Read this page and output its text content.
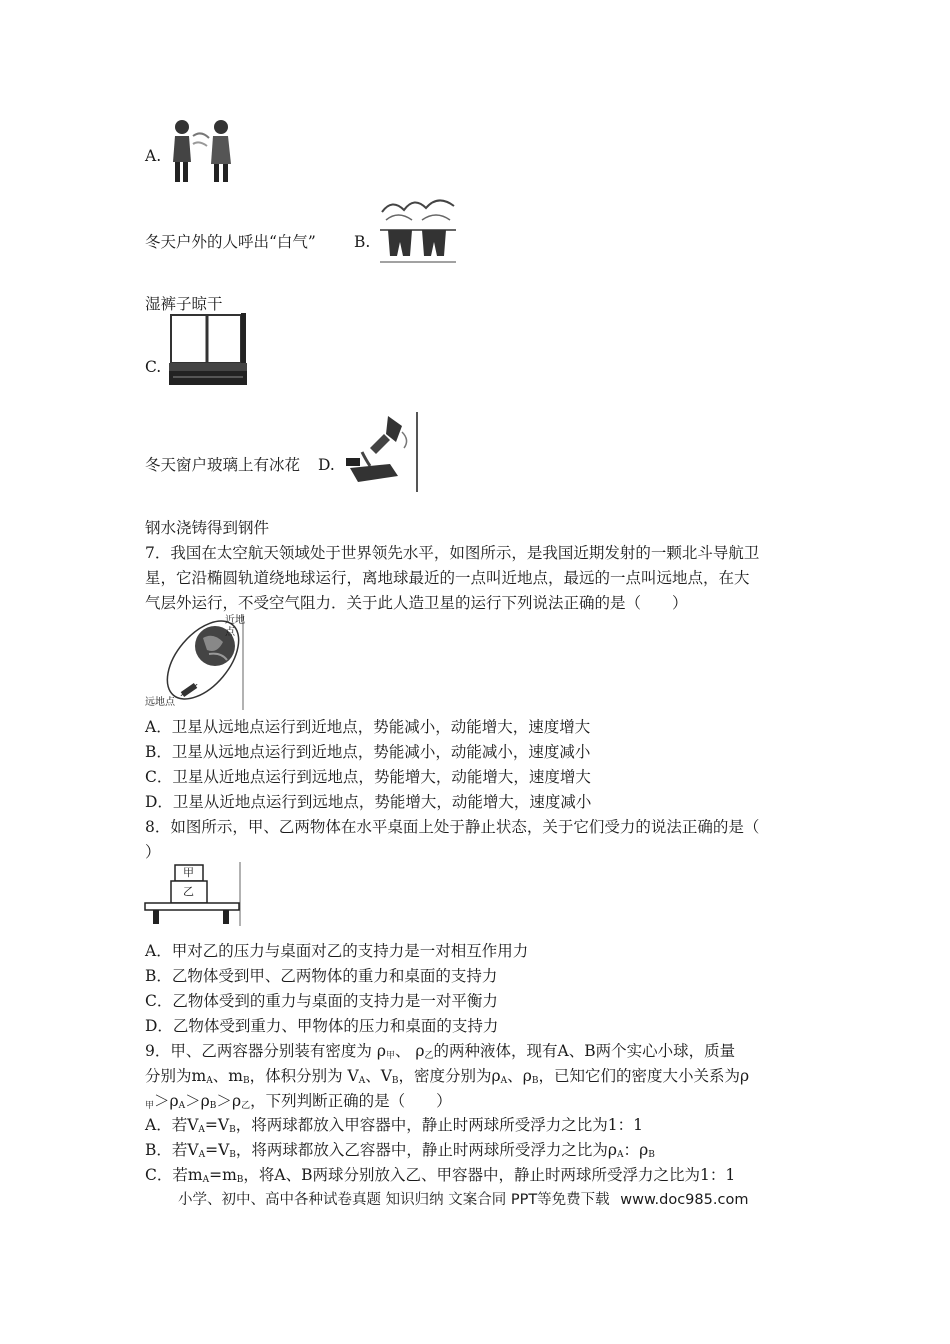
A.
冬天户外的人呼出“白气” B.
湿裤子晾干
C.
冬天窗户玻璃上有冰花 D.
钢水浇铸得到钢件
7．我国在太空航天领域处于世界领先水平，如图所示，是我国近期发射的一颗北斗导航卫
星，它沿椭圆轨道绕地球运行，离地球最近的一点叫近地点，最远的一点叫远地点，在大
气层外运行，不受空气阻力．关于此人造卫星的运行下列说法正确的是（　　）
近地点
远地点
A．卫星从远地点运行到近地点，势能减小，动能增大，速度增大
B．卫星从远地点运行到近地点，势能减小，动能减小，速度减小
C．卫星从近地点运行到远地点，势能增大，动能增大，速度增大
D．卫星从近地点运行到远地点，势能增大，动能增大，速度减小
8．如图所示，甲、乙两物体在水平桌面上处于静止状态，关于它们受力的说法正确的是（
）
甲
乙
A．甲对乙的压力与桌面对乙的支持力是一对相互作用力
B．乙物体受到甲、乙两物体的重力和桌面的支持力
C．乙物体受到的重力与桌面的支持力是一对平衡力
D．乙物体受到重力、甲物体的压力和桌面的支持力
9．甲、乙两容器分别装有密度为 $\rho_甲$、 $\rho_乙$的两种液体，现有A、B两个实心小球，质量
分别为$m_A$、$m_B$，体积分别为 $V_A$、$V_B$，密度分别为$\rho_A$、$\rho_B$，已知它们的密度大小关系为ρ
$_甲>\rho_A>\rho_B>\rho_乙$，下列判断正确的是（　　）
A．若$V_A=V_B$，将两球都放入甲容器中，静止时两球所受浮力之比为1：1
B．若$V_A=V_B$，将两球都放入乙容器中，静止时两球所受浮力之比为$\rho_A$：$\rho_B$
C．若$m_A=m_B$，将A、B两球分别放入乙、甲容器中，静止时两球所受浮力之比为1：1
小学、初中、高中各种试卷真题 知识归纳 文案合同 PPT等免费下载 www.doc985.com
